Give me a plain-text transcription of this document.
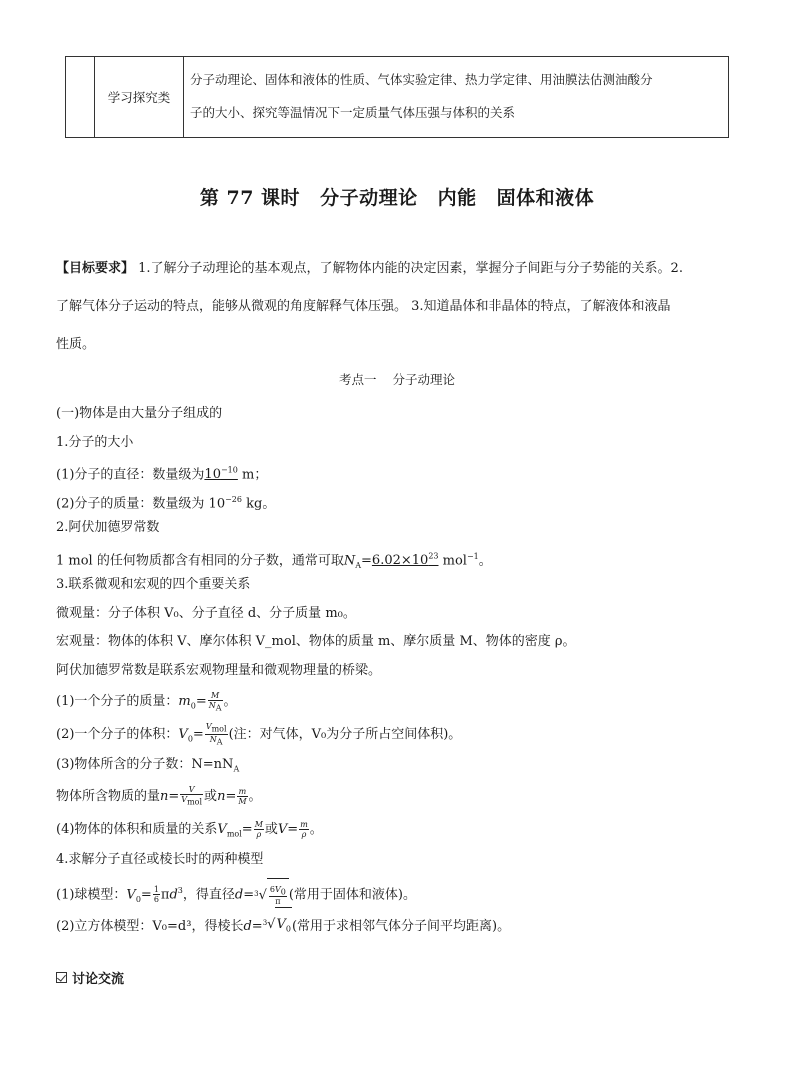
学习探究类
分子动理论、固体和液体的性质、气体实验定律、热力学定律、用油膜法估测油酸分
子的大小、探究等温情况下一定质量气体压强与体积的关系
第 77 课时 分子动理论 内能 固体和液体
【目标要求】 1.了解分子动理论的基本观点，了解物体内能的决定因素，掌握分子间距与分子势能的关系。2.
了解气体分子运动的特点，能够从微观的角度解释气体压强。 3.知道晶体和非晶体的特点，了解液体和液晶
性质。
考点一 分子动理论
(一)物体是由大量分子组成的
1.分子的大小
(1)分子的直径：数量级为$10^{-10}$ m；
(2)分子的质量：数量级为 $10^{-26}$ kg。
2.阿伏加德罗常数
1 mol 的任何物质都含有相同的分子数，通常可取$N_A=6.02\times 10^{23}$ mol$^{-1}$。
3.联系微观和宏观的四个重要关系
微观量：分子体积 V₀、分子直径 d、分子质量 m₀。
宏观量：物体的体积 V、摩尔体积 V_mol、物体的质量 m、摩尔质量 M、物体的密度 ρ。
阿伏加德罗常数是联系宏观物理量和微观物理量的桥梁。
(1)一个分子的质量：$m_0= \frac{M}{N_A}$ 。
(2)一个分子的体积：$V_0= \frac{V_{mol}}{N_A}$ (注：对气体，V₀为分子所占空间体积)。
(3)物体所含的分子数：$N=nN_A$
物体所含物质的量$n= \frac{V}{V_{mol}}$ 或$n= \frac{m}{M}$ 。
(4)物体的体积和质量的关系$V_{mol}= \frac{M}{\rho}$ 或$V= \frac{m}{\rho}$ 。
4.求解分子直径或棱长时的两种模型
(1)球模型：$V_0= \frac{1}{6} \pi d^3$，得直径$d=^3√ \frac{6V_0}{\pi}$ (常用于固体和液体)。
(2)立方体模型：V₀=d³，得棱长$d=^3√V_0$(常用于求相邻气体分子间平均距离)。
讨论交流
